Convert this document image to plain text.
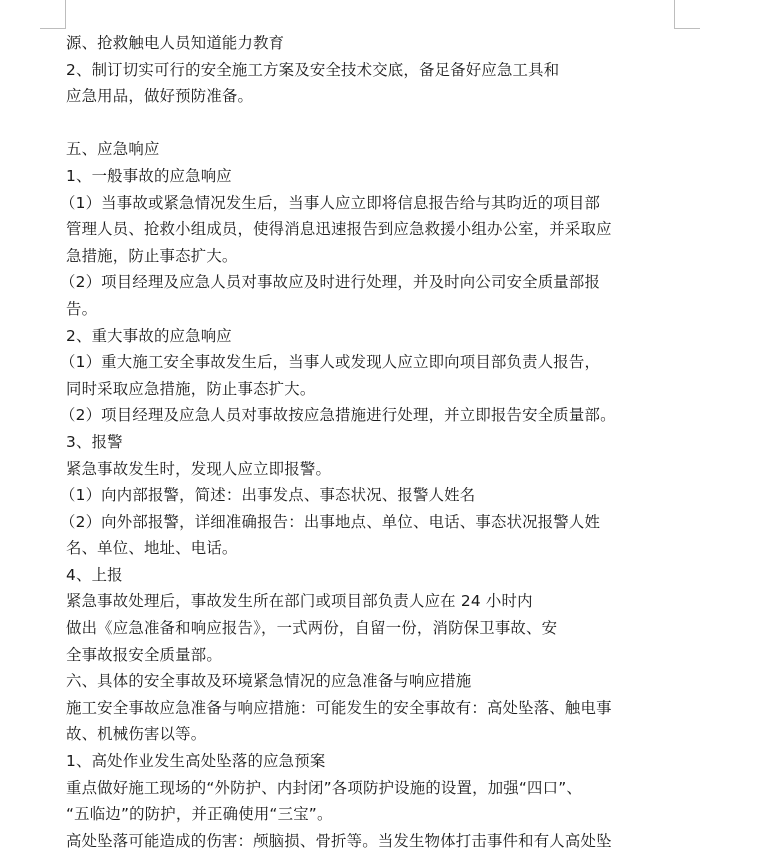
源、抢救触电人员知道能力教育
2、制订切实可行的安全施工方案及安全技术交底，备足备好应急工具和
应急用品，做好预防准备。
五、应急响应
1、一般事故的应急响应
（1）当事故或紧急情况发生后，当事人应立即将信息报告给与其昀近的项目部
管理人员、抢救小组成员，使得消息迅速报告到应急救援小组办公室，并采取应
急措施，防止事态扩大。
（2）项目经理及应急人员对事故应及时进行处理，并及时向公司安全质量部报
告。
2、重大事故的应急响应
（1）重大施工安全事故发生后，当事人或发现人应立即向项目部负责人报告，
同时采取应急措施，防止事态扩大。
（2）项目经理及应急人员对事故按应急措施进行处理，并立即报告安全质量部。
3、报警
紧急事故发生时，发现人应立即报警。
（1）向内部报警，简述：出事发点、事态状况、报警人姓名
（2）向外部报警，详细准确报告：出事地点、单位、电话、事态状况报警人姓
名、单位、地址、电话。
4、上报
紧急事故处理后，事故发生所在部门或项目部负责人应在 24 小时内
做出《应急准备和响应报告》，一式两份，自留一份，消防保卫事故、安
全事故报安全质量部。
六、具体的安全事故及环境紧急情况的应急准备与响应措施
施工安全事故应急准备与响应措施：可能发生的安全事故有：高处坠落、触电事
故、机械伤害以等。
1、高处作业发生高处坠落的应急预案
重点做好施工现场的“外防护、内封闭”各项防护设施的设置，加强“四口”、
“五临边”的防护，并正确使用“三宝”。
高处坠落可能造成的伤害：颅脑损、骨折等。当发生物体打击事件和有人高处坠
